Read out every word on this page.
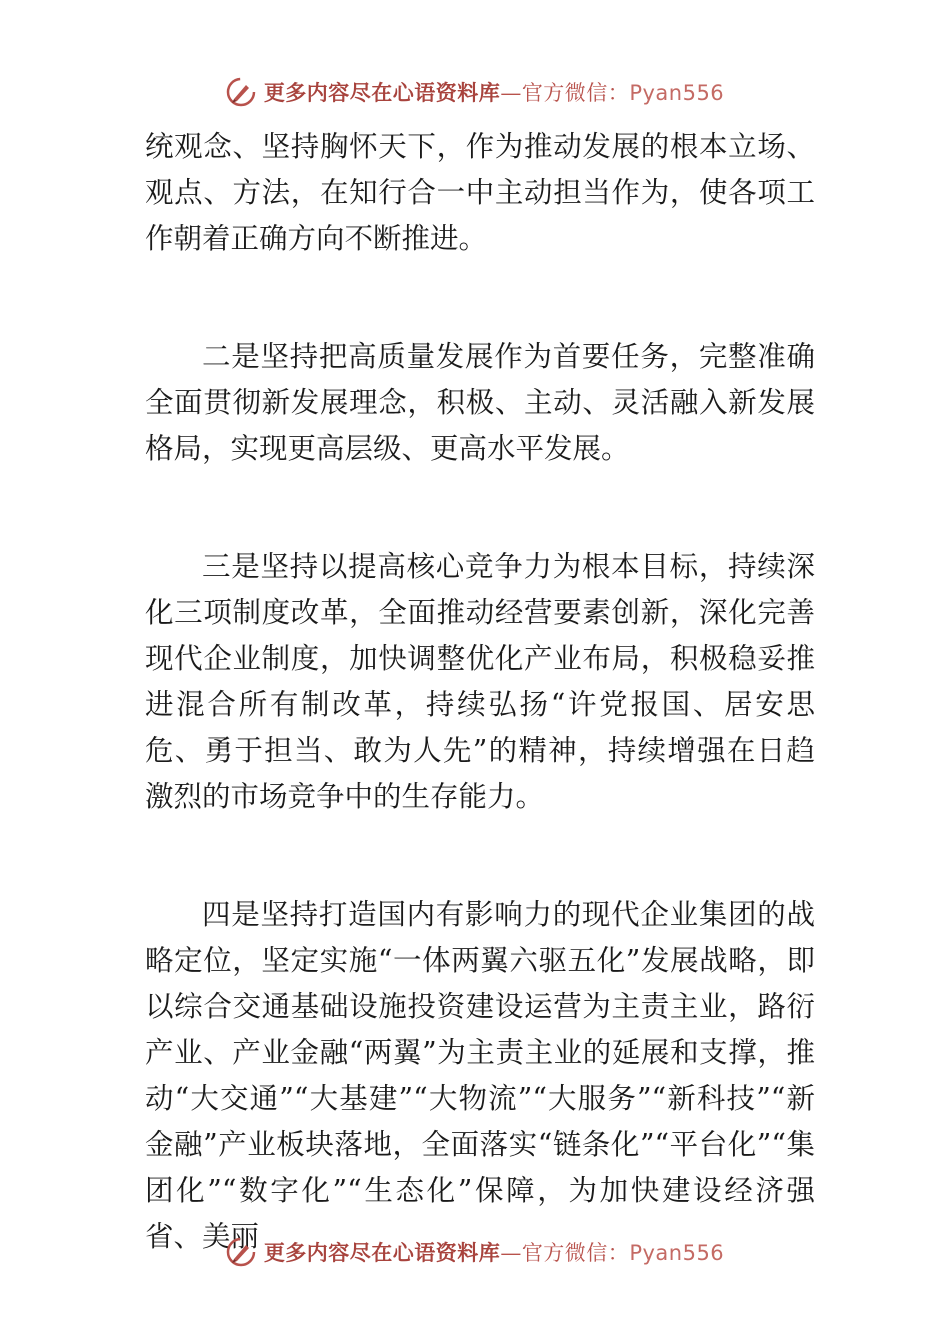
更多内容尽在心语资料库—官方微信：Pyan556

统观念、坚持胸怀天下，作为推动发展的根本立场、观点、方法，在知行合一中主动担当作为，使各项工作朝着正确方向不断推进。

二是坚持把高质量发展作为首要任务，完整准确全面贯彻新发展理念，积极、主动、灵活融入新发展格局，实现更高层级、更高水平发展。

三是坚持以提高核心竞争力为根本目标，持续深化三项制度改革，全面推动经营要素创新，深化完善现代企业制度，加快调整优化产业布局，积极稳妥推进混合所有制改革，持续弘扬“许党报国、居安思危、勇于担当、敢为人先”的精神，持续增强在日趋激烈的市场竞争中的生存能力。

四是坚持打造国内有影响力的现代企业集团的战略定位，坚定实施“一体两翼六驱五化”发展战略，即以综合交通基础设施投资建设运营为主责主业，路衍产业、产业金融“两翼”为主责主业的延展和支撑，推动“大交通”“大基建”“大物流”“大服务”“新科技”“新金融”产业板块落地，全面落实“链条化”“平台化”“集团化”“数字化”“生态化”保障，为加快建设经济强省、美丽 更多内容尽在心语资料库—官方微信：Pyan556
